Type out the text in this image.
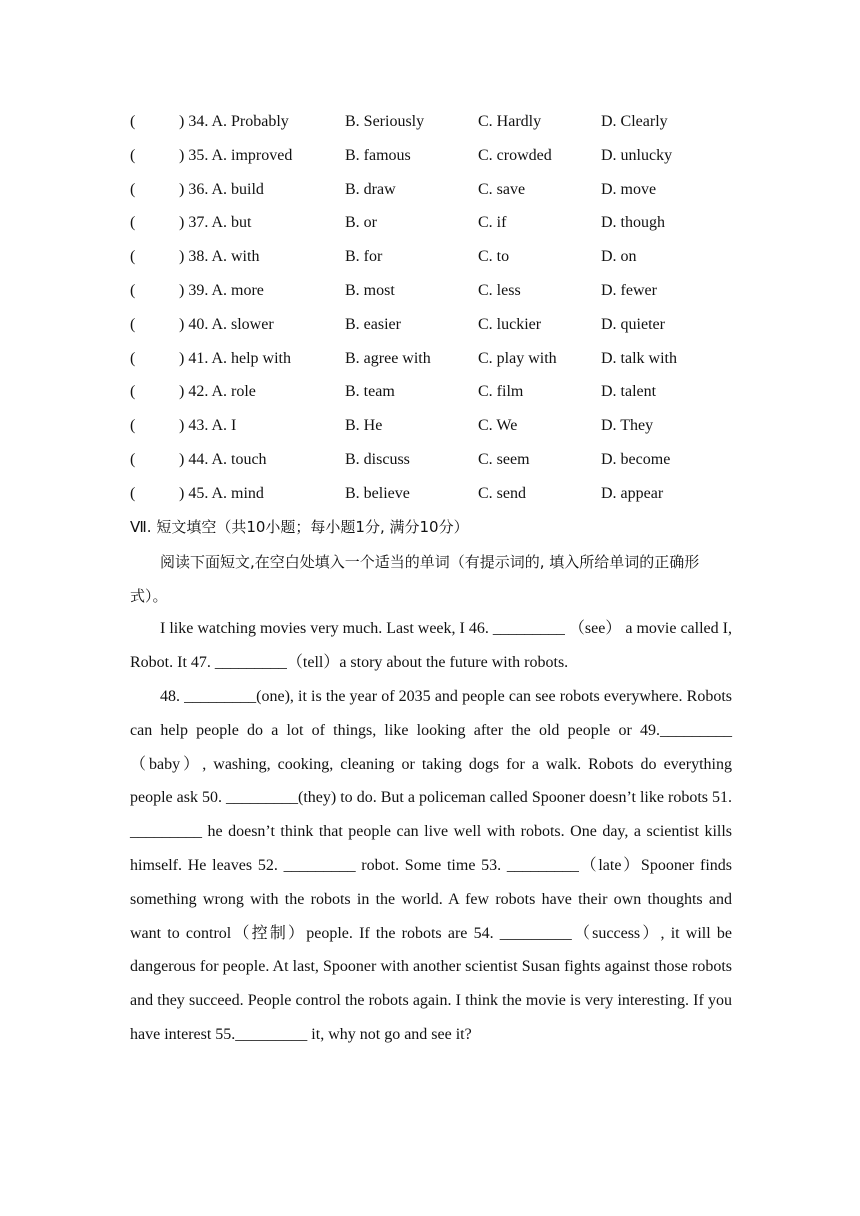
(	) 34. A. Probably	B. Seriously	C. Hardly	D. Clearly
(	) 35. A. improved	B. famous	C. crowded	D. unlucky
(	) 36. A. build	B. draw	C. save	D. move
(	) 37. A. but	B. or	C. if	D. though
(	) 38. A. with	B. for	C. to	D. on
(	) 39. A. more	B. most	C. less	D. fewer
(	) 40. A. slower	B. easier	C. luckier	D. quieter
(	) 41. A. help with	B. agree with	C. play with	D. talk with
(	) 42. A. role	B. team	C. film	D. talent
(	) 43. A. I	B. He	C. We	D. They
(	) 44. A. touch	B. discuss	C. seem	D. become
(	) 45. A. mind	B. believe	C. send	D. appear
Ⅶ. 短文填空（共10小题；每小题1分, 满分10分）
阅读下面短文,在空白处填入一个适当的单词（有提示词的, 填入所给单词的正确形式）。
I like watching movies very much. Last week, I 46. _________ （see） a movie called I, Robot. It 47. _________（tell）a story about the future with robots.
48. _________(one), it is the year of 2035 and people can see robots everywhere. Robots can help people do a lot of things, like looking after the old people or 49._________（baby）, washing, cooking, cleaning or taking dogs for a walk. Robots do everything people ask 50. _________(they) to do. But a policeman called Spooner doesn’t like robots 51. _________ he doesn’t think that people can live well with robots. One day, a scientist kills himself. He leaves 52. _________ robot. Some time 53. _________（late）Spooner finds something wrong with the robots in the world. A few robots have their own thoughts and want to control（控制）people. If the robots are 54. _________（success）, it will be dangerous for people. At last, Spooner with another scientist Susan fights against those robots and they succeed. People control the robots again. I think the movie is very interesting. If you have interest 55._________ it, why not go and see it?
